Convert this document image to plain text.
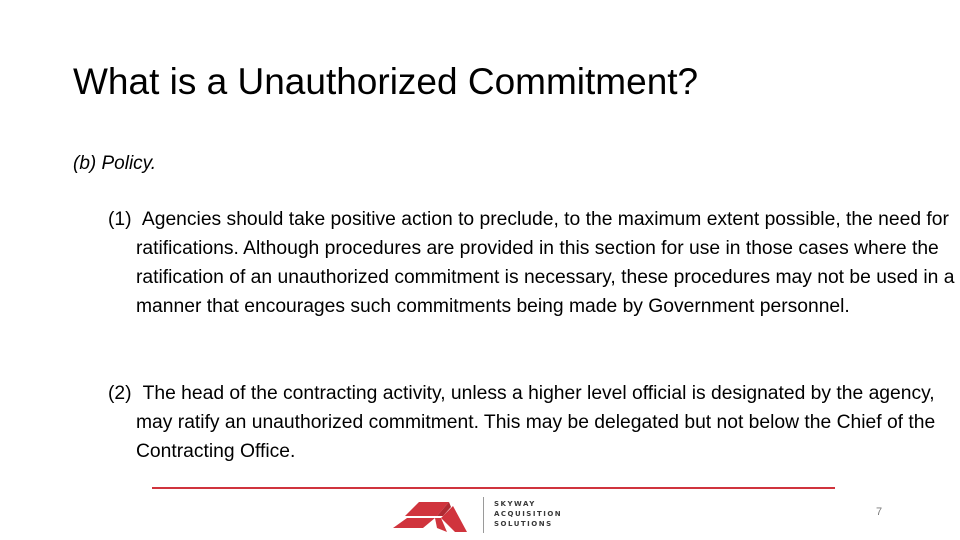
What is a Unauthorized Commitment?
(b) Policy.
(1) Agencies should take positive action to preclude, to the maximum extent possible, the need for ratifications. Although procedures are provided in this section for use in those cases where the ratification of an unauthorized commitment is necessary, these procedures may not be used in a manner that encourages such commitments being made by Government personnel.
(2) The head of the contracting activity, unless a higher level official is designated by the agency, may ratify an unauthorized commitment. This may be delegated but not below the Chief of the Contracting Office.
SKYWAY
ACQUISITION
SOLUTIONS
7
